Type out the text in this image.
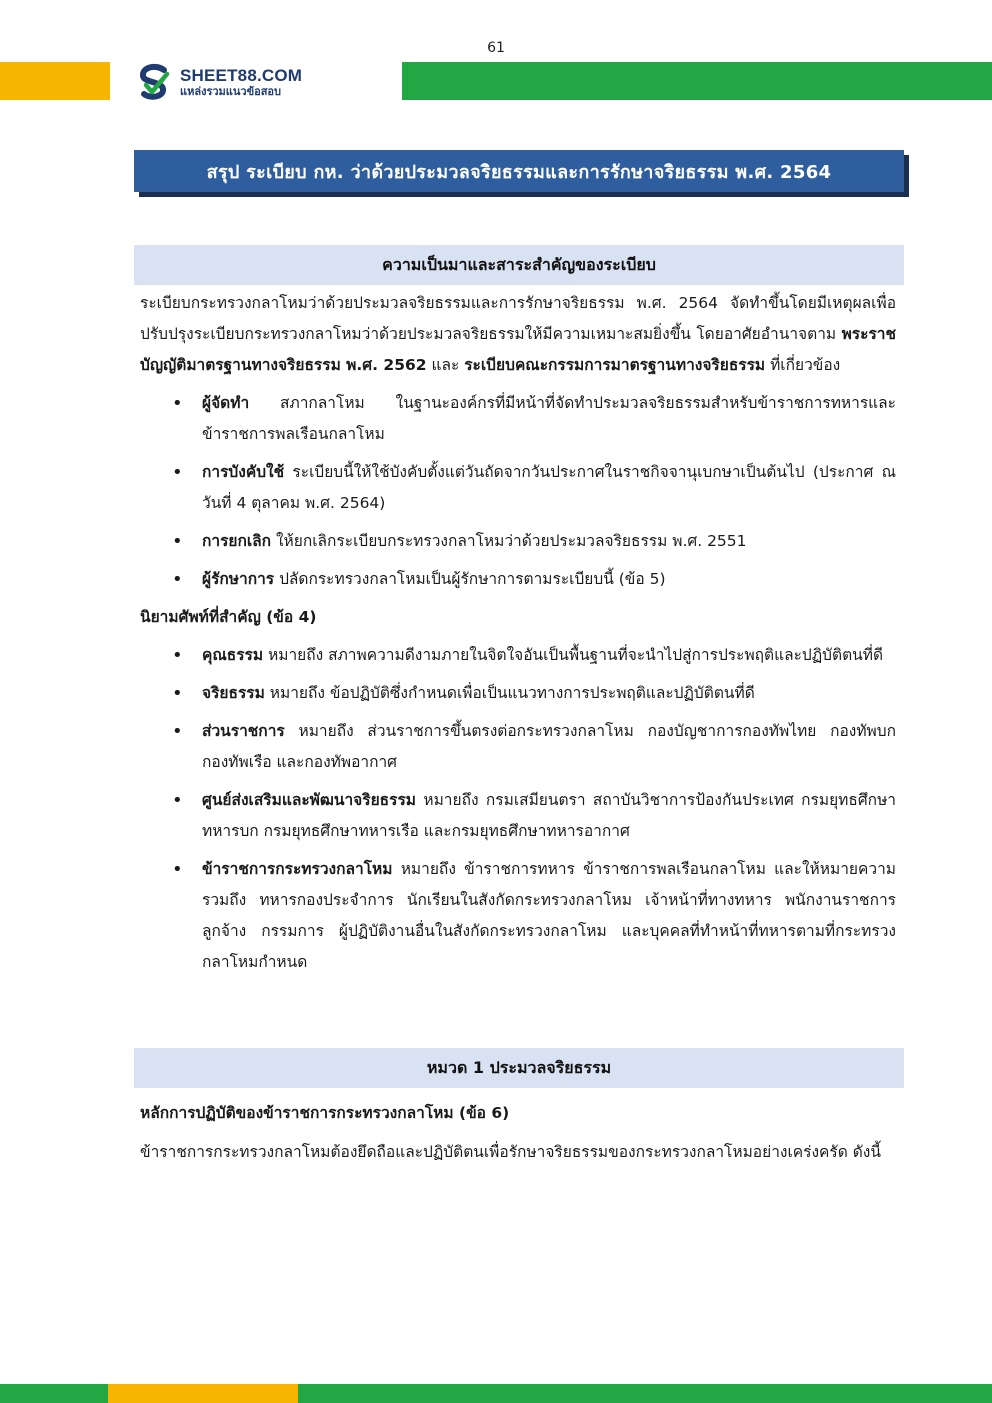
61
SHEET88.COM
แหล่งรวมแนวข้อสอบ
สรุป ระเบียบ กห. ว่าด้วยประมวลจริยธรรมและการรักษาจริยธรรม พ.ศ. 2564
ความเป็นมาและสาระสำคัญของระเบียบ

ระเบียบกระทรวงกลาโหมว่าด้วยประมวลจริยธรรมและการรักษาจริยธรรม พ.ศ. 2564 จัดทำขึ้นโดยมีเหตุผลเพื่อปรับปรุงระเบียบกระทรวงกลาโหมว่าด้วยประมวลจริยธรรมให้มีความเหมาะสมยิ่งขึ้น โดยอาศัยอำนาจตาม พระราชบัญญัติมาตรฐานทางจริยธรรม พ.ศ. 2562 และ ระเบียบคณะกรรมการมาตรฐานทางจริยธรรม ที่เกี่ยวข้อง

• ผู้จัดทำ สภากลาโหม ในฐานะองค์กรที่มีหน้าที่จัดทำประมวลจริยธรรมสำหรับข้าราชการทหารและข้าราชการพลเรือนกลาโหม
• การบังคับใช้ ระเบียบนี้ให้ใช้บังคับตั้งแต่วันถัดจากวันประกาศในราชกิจจานุเบกษาเป็นต้นไป (ประกาศ ณ วันที่ 4 ตุลาคม พ.ศ. 2564)
• การยกเลิก ให้ยกเลิกระเบียบกระทรวงกลาโหมว่าด้วยประมวลจริยธรรม พ.ศ. 2551
• ผู้รักษาการ ปลัดกระทรวงกลาโหมเป็นผู้รักษาการตามระเบียบนี้ (ข้อ 5)

นิยามศัพท์ที่สำคัญ (ข้อ 4)

• คุณธรรม หมายถึง สภาพความดีงามภายในจิตใจอันเป็นพื้นฐานที่จะนำไปสู่การประพฤติและปฏิบัติตนที่ดี
• จริยธรรม หมายถึง ข้อปฏิบัติซึ่งกำหนดเพื่อเป็นแนวทางการประพฤติและปฏิบัติตนที่ดี
• ส่วนราชการ หมายถึง ส่วนราชการขึ้นตรงต่อกระทรวงกลาโหม กองบัญชาการกองทัพไทย กองทัพบก กองทัพเรือ และกองทัพอากาศ
• ศูนย์ส่งเสริมและพัฒนาจริยธรรม หมายถึง กรมเสมียนตรา สถาบันวิชาการป้องกันประเทศ กรมยุทธศึกษาทหารบก กรมยุทธศึกษาทหารเรือ และกรมยุทธศึกษาทหารอากาศ
• ข้าราชการกระทรวงกลาโหม หมายถึง ข้าราชการทหาร ข้าราชการพลเรือนกลาโหม และให้หมายความรวมถึง ทหารกองประจำการ นักเรียนในสังกัดกระทรวงกลาโหม เจ้าหน้าที่ทางทหาร พนักงานราชการ ลูกจ้าง กรรมการ ผู้ปฏิบัติงานอื่นในสังกัดกระทรวงกลาโหม และบุคคลที่ทำหน้าที่ทหารตามที่กระทรวงกลาโหมกำหนด
หมวด 1 ประมวลจริยธรรม

หลักการปฏิบัติของข้าราชการกระทรวงกลาโหม (ข้อ 6)

ข้าราชการกระทรวงกลาโหมต้องยึดถือและปฏิบัติตนเพื่อรักษาจริยธรรมของกระทรวงกลาโหมอย่างเคร่งครัด ดังนี้
